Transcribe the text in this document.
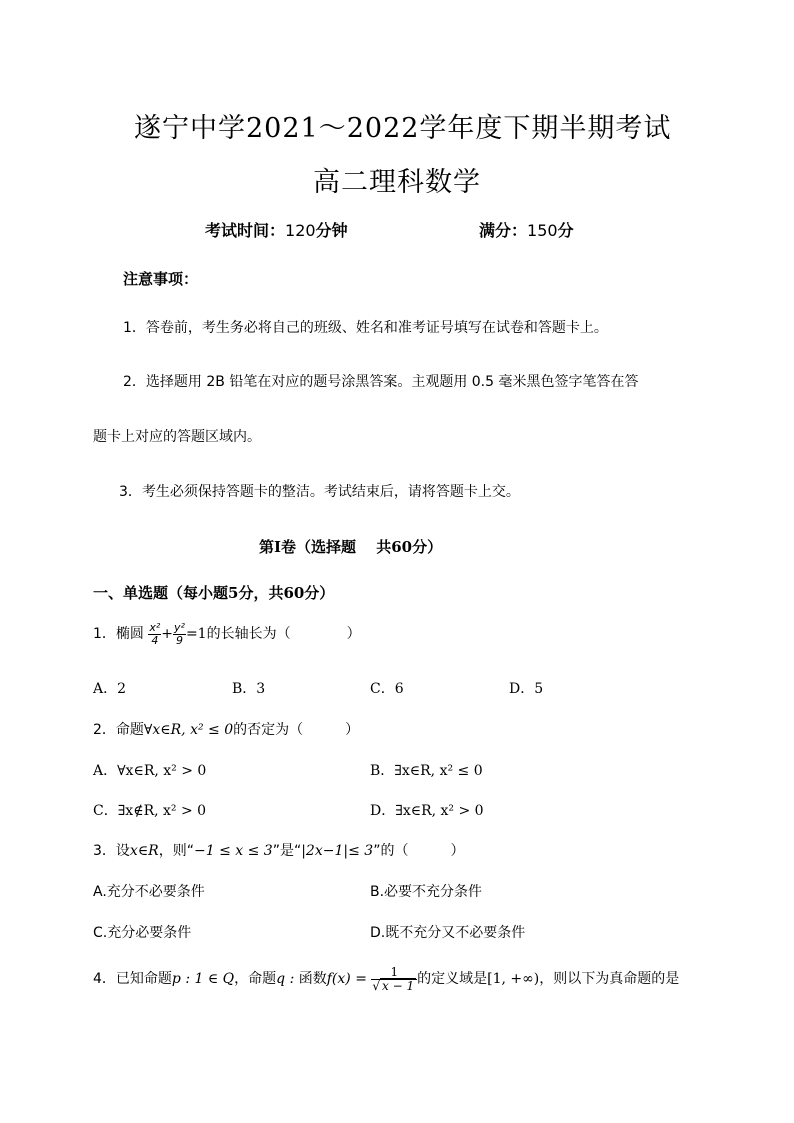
遂宁中学2021～2022学年度下期半期考试
高二理科数学
考试时间：120分钟	满分：150分
注意事项：
1．答卷前，考生务必将自己的班级、姓名和准考证号填写在试卷和答题卡上。
2．选择题用 2B 铅笔在对应的题号涂黑答案。主观题用 0.5 毫米黑色签字笔答在答
题卡上对应的答题区域内。
3．考生必须保持答题卡的整洁。考试结束后，请将答题卡上交。
第Ⅰ卷（选择题　 共60分）
一、单选题（每小题5分，共60分）
1．椭圆 $\frac{\text{x²}}{4} + \frac{\text{y²}}{9} =1$的长轴长为（　　　　）
A．2	B．3	C．6	D．5
2．命题∀x∈R, x² ≤ 0的否定为（　　　）
A．∀x∈R, x² > 0	B．∃x∈R, x² ≤ 0
C．∃x∉R, x² > 0	D．∃x∈R, x² > 0
3．设x∈R，则“−1 ≤ x ≤ 3”是“|2x−1|≤ 3”的（　　　）
A.充分不必要条件	B.必要不充分条件
C.充分必要条件	D.既不充分又不必要条件
4．已知命题p : 1 ∈ Q，命题q : 函数$f(x) = \frac{1}{√ x - 1}$ 的定义域是[1, +∞)，则以下为真命题的是
